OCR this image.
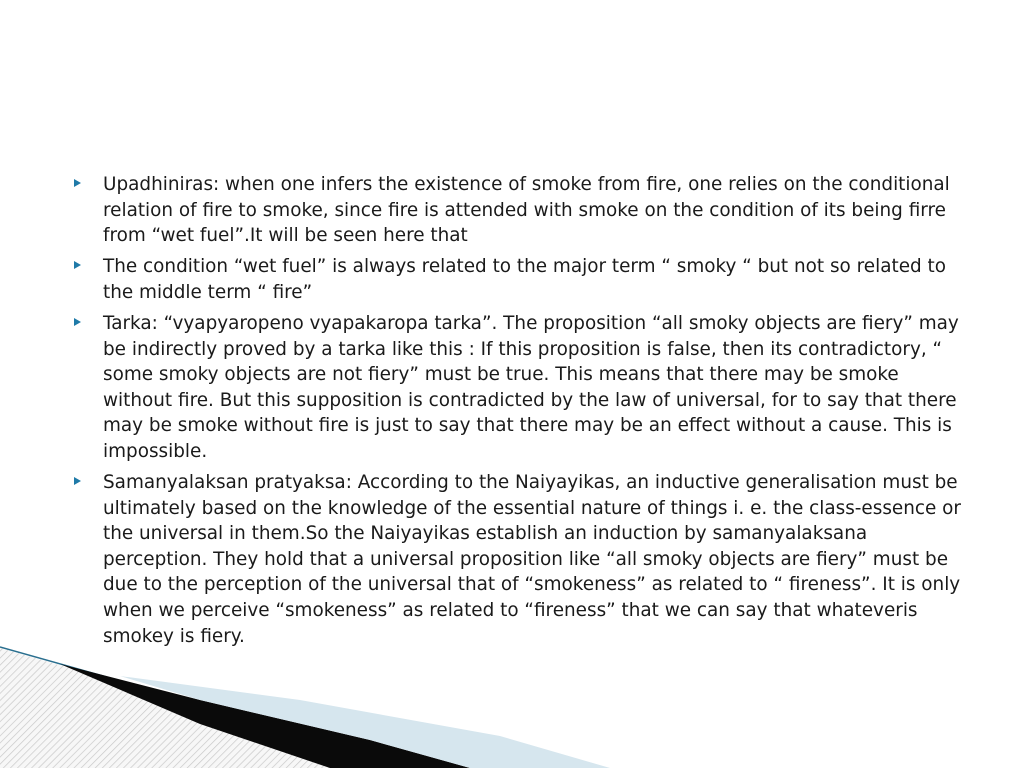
Upadhiniras: when one infers the existence of smoke from fire, one relies on the conditional relation of fire to smoke, since fire is attended with smoke on the condition of its being firre from “wet fuel”.It will be seen here that
The condition “wet fuel” is always related to the major term “ smoky “ but not so related to the middle term “ fire”
Tarka: “vyapyaropeno vyapakaropa tarka”. The proposition “all smoky objects are fiery” may be indirectly proved by a tarka like this : If this proposition is false, then its contradictory, “ some smoky objects are not fiery” must be true. This means that there may be smoke without fire. But this supposition is contradicted by the law of universal, for to say that there may be smoke without fire is just to say that there may be an effect without a cause. This is impossible.
Samanyalaksan pratyaksa: According to the Naiyayikas, an inductive generalisation must be ultimately based on the knowledge of the essential nature of things i. e. the class-essence or the universal in them.So the Naiyayikas establish an induction by samanyalaksana perception. They hold that a universal proposition like “all smoky objects are fiery” must be due to the perception of the universal that of “smokeness” as related to “ fireness”. It is only when we perceive “smokeness” as related to “fireness” that we can say that whateveris smokey is fiery.
